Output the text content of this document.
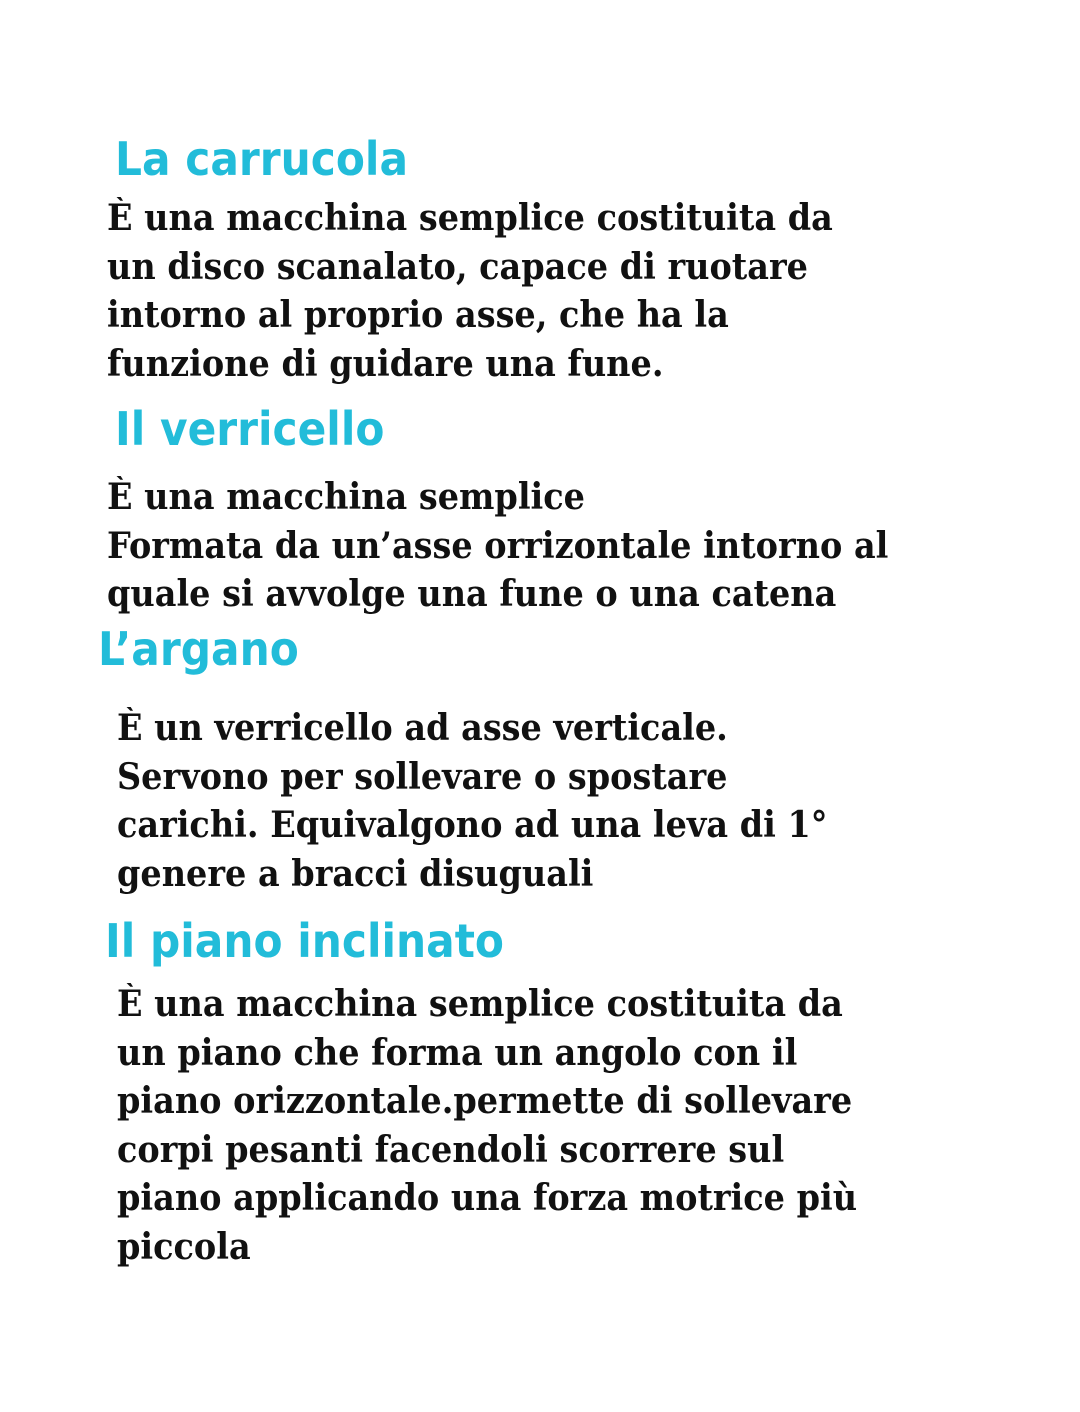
La carrucola
È una macchina semplice costituita da
un disco scanalato, capace di ruotare
intorno al proprio asse, che ha la
funzione di guidare una fune.
Il verricello
È una macchina semplice
Formata da un’asse orrizontale intorno al
quale si avvolge una fune o una catena
L’argano
È un verricello ad asse verticale.
Servono per sollevare o spostare
carichi. Equivalgono ad una leva di 1°
genere a bracci disuguali
Il piano inclinato
È una macchina semplice costituita da
un piano che forma un angolo con il
piano orizzontale.permette di sollevare
corpi pesanti facendoli scorrere sul
piano applicando una forza motrice più
piccola
